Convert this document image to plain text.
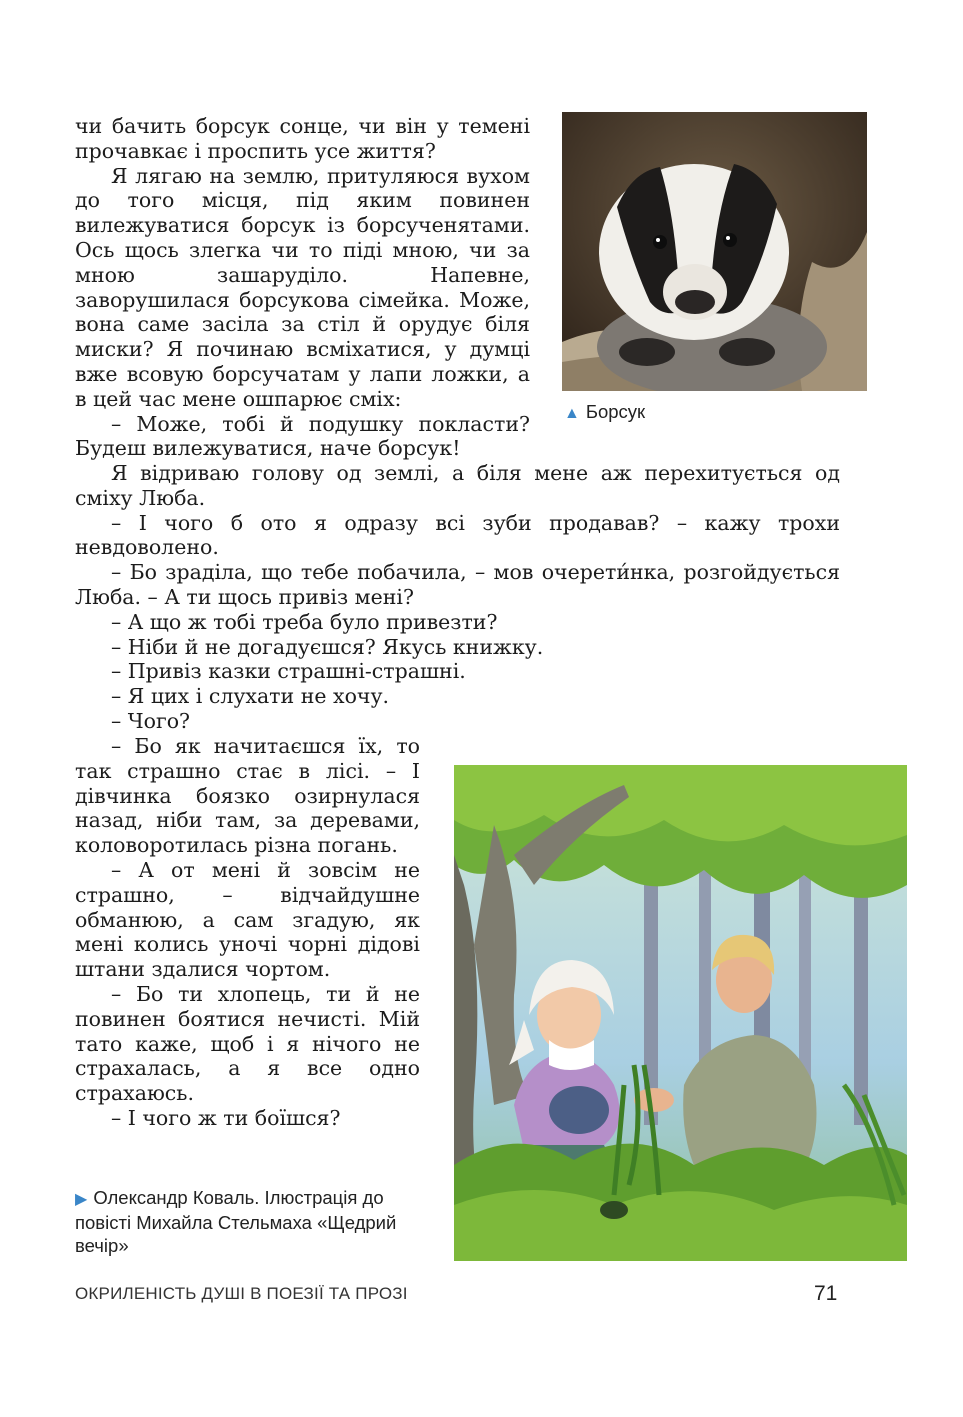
чи бачить борсук сонце, чи він у темені прочавкає і проспить усе життя?

Я лягаю на землю, притуляюся вухом до того місця, під яким повинен вилежуватися борсук із борсученятами. Ось щось злегка чи то піді мною, чи за мною зашаруділо. Напевне, заворушилася борсукова сімейка. Може, вона саме засіла за стіл й орудує біля миски? Я починаю всміхатися, у думці вже всовую борсучатам у лапи ложки, а в цей час мене ошпарює сміх:

– Може, тобі й подушку покласти? Будеш вилежуватися, наче борсук!

▲ Борсук

Я відриваю голову од землі, а біля мене аж перехитується од сміху Люба.

– І чого б ото я одразу всі зуби продавав? – кажу трохи невдоволено.

– Бо зраділа, що тебе побачила, – мов очерети́нка, розгойдується Люба. – А ти щось привіз мені?

– А що ж тобі треба було привезти?

– Ніби й не догадуєшся? Якусь книжку.

– Привіз казки страшні-страшні.

– Я цих і слухати не хочу.

– Чого?

– Бо як начитаєшся їх, то так страшно стає в лісі. – І дівчинка боязко озирнулася назад, ніби там, за деревами, коловоротилась різна погань.

– А от мені й зовсім не страшно, – відчайдушне обманюю, а сам згадую, як мені колись уночі чорні дідові штани здалися чортом.

– Бо ти хлопець, ти й не повинен боятися нечисті. Мій тато каже, щоб і я нічого не страхалась, а я все одно страхаюсь.

– І чого ж ти боїшся?

▶ Олександр Коваль. Ілюстрація до повісті Михайла Стельмаха «Щедрий вечір»
ОКРИЛЕНІСТЬ ДУШІ В ПОЕЗІЇ ТА ПРОЗІ	71
